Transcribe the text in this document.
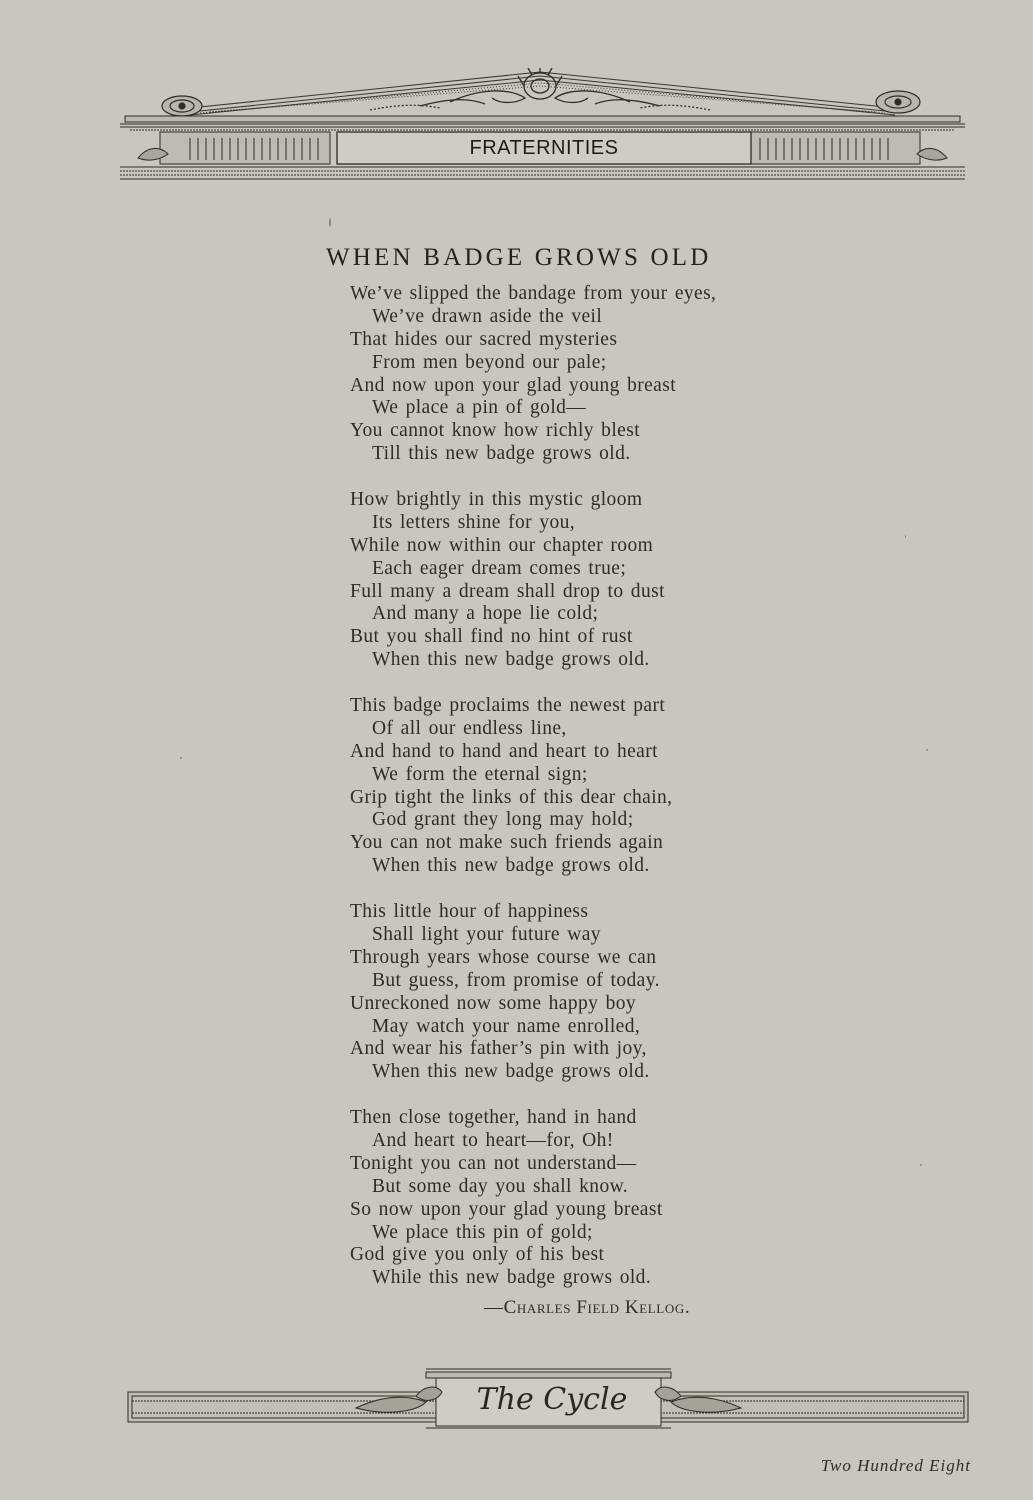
FRATERNITIES
WHEN BADGE GROWS OLD
We’ve slipped the bandage from your eyes,
We’ve drawn aside the veil
That hides our sacred mysteries
From men beyond our pale;
And now upon your glad young breast
We place a pin of gold—
You cannot know how richly blest
Till this new badge grows old.
How brightly in this mystic gloom
Its letters shine for you,
While now within our chapter room
Each eager dream comes true;
Full many a dream shall drop to dust
And many a hope lie cold;
But you shall find no hint of rust
When this new badge grows old.
This badge proclaims the newest part
Of all our endless line,
And hand to hand and heart to heart
We form the eternal sign;
Grip tight the links of this dear chain,
God grant they long may hold;
You can not make such friends again
When this new badge grows old.
This little hour of happiness
Shall light your future way
Through years whose course we can
But guess, from promise of today.
Unreckoned now some happy boy
May watch your name enrolled,
And wear his father’s pin with joy,
When this new badge grows old.
Then close together, hand in hand
And heart to heart—for, Oh!
Tonight you can not understand—
But some day you shall know.
So now upon your glad young breast
We place this pin of gold;
God give you only of his best
While this new badge grows old.
—Charles Field Kellog.
The Cycle
Two Hundred Eight
